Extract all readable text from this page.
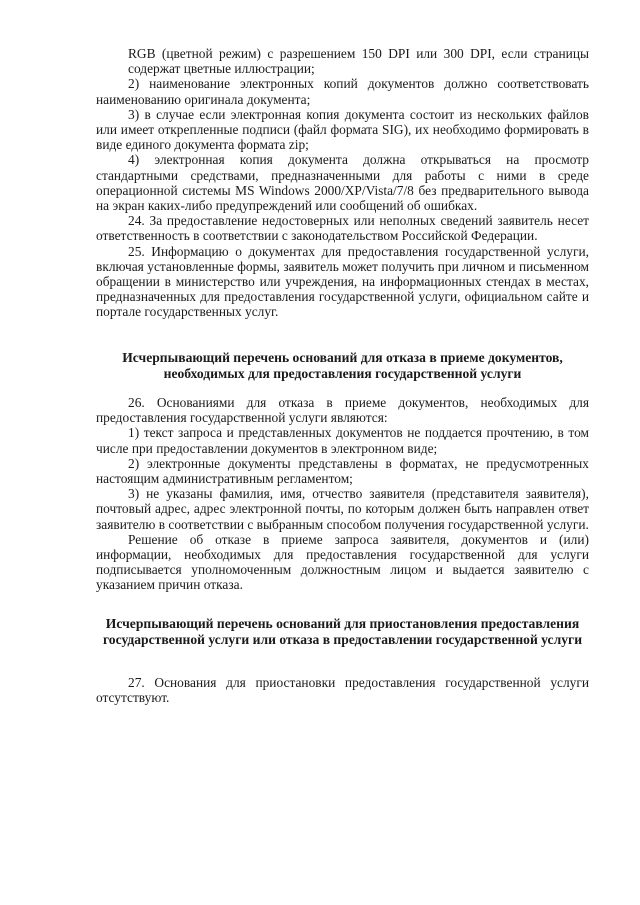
RGB (цветной режим) с разрешением 150 DPI или 300 DPI, если страницы содержат цветные иллюстрации;

2) наименование электронных копий документов должно соответствовать наименованию оригинала документа;

3) в случае если электронная копия документа состоит из нескольких файлов или имеет открепленные подписи (файл формата SIG), их необходимо формировать в виде единого документа формата zip;

4) электронная копия документа должна открываться на просмотр стандартными средствами, предназначенными для работы с ними в среде операционной системы MS Windows 2000/XP/Vista/7/8 без предварительного вывода на экран каких-либо предупреждений или сообщений об ошибках.

24. За предоставление недостоверных или неполных сведений заявитель несет ответственность в соответствии с законодательством Российской Федерации.

25. Информацию о документах для предоставления государственной услуги, включая установленные формы, заявитель может получить при личном и письменном обращении в министерство или учреждения, на информационных стендах в местах, предназначенных для предоставления государственной услуги, официальном сайте и портале государственных услуг.

Исчерпывающий перечень оснований для отказа в приеме документов, необходимых для предоставления государственной услуги

26. Основаниями для отказа в приеме документов, необходимых для предоставления государственной услуги являются:

1) текст запроса и представленных документов не поддается прочтению, в том числе при предоставлении документов в электронном виде;

2) электронные документы представлены в форматах, не предусмотренных настоящим административным регламентом;

3) не указаны фамилия, имя, отчество заявителя (представителя заявителя), почтовый адрес, адрес электронной почты, по которым должен быть направлен ответ заявителю в соответствии с выбранным способом получения государственной услуги.

Решение об отказе в приеме запроса заявителя, документов и (или) информации, необходимых для предоставления государственной для услуги подписывается уполномоченным должностным лицом и выдается заявителю с указанием причин отказа.

Исчерпывающий перечень оснований для приостановления предоставления государственной услуги или отказа в предоставлении государственной услуги

27. Основания для приостановки предоставления государственной услуги отсутствуют.
